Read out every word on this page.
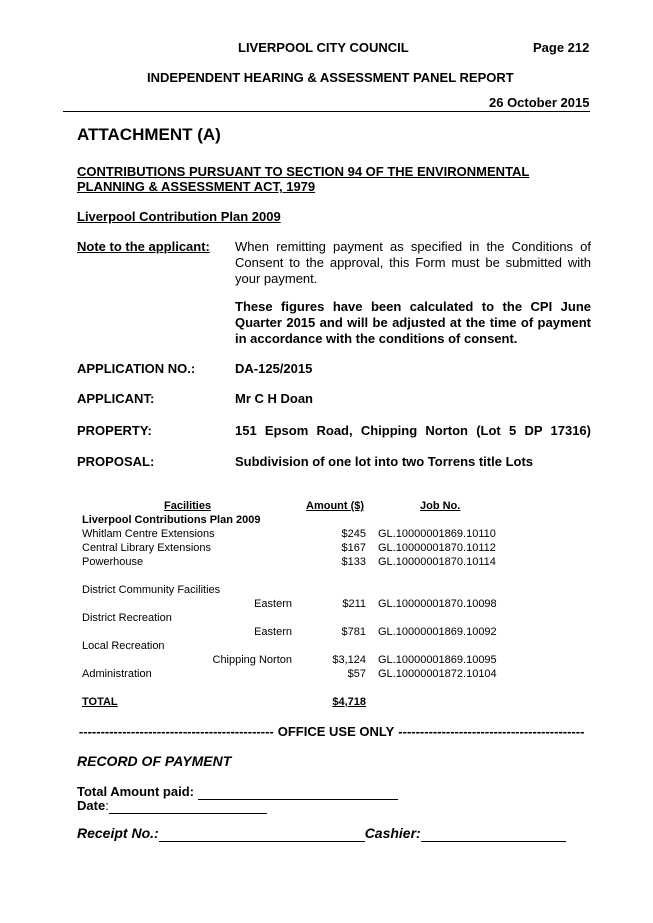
LIVERPOOL CITY COUNCIL	Page 212
INDEPENDENT HEARING & ASSESSMENT PANEL REPORT
26 October 2015
ATTACHMENT (A)
CONTRIBUTIONS PURSUANT TO SECTION 94 OF THE ENVIRONMENTAL
PLANNING & ASSESSMENT ACT, 1979
Liverpool Contribution Plan 2009
Note to the applicant: When remitting payment as specified in the Conditions of Consent to the approval, this Form must be submitted with your payment.
These figures have been calculated to the CPI June Quarter 2015 and will be adjusted at the time of payment in accordance with the conditions of consent.
APPLICATION NO.:	DA-125/2015
APPLICANT:	Mr C H Doan
PROPERTY:	151 Epsom Road, Chipping Norton (Lot 5 DP 17316)
PROPOSAL:	Subdivision of one lot into two Torrens title Lots
Facilities	Amount ($)	Job No.
Liverpool Contributions Plan 2009
Whitlam Centre Extensions	$245 GL.10000001869.10110
Central Library Extensions	$167 GL.10000001870.10112
Powerhouse	$133 GL.10000001870.10114
District Community Facilities
Eastern	$211 GL.10000001870.10098
District Recreation
Eastern	$781 GL.10000001869.10092
Local Recreation
Chipping Norton	$3,124 GL.10000001869.10095
Administration	$57 GL.10000001872.10104
TOTAL	$4,718
--------------------------------------------- OFFICE USE ONLY -------------------------------------------
RECORD OF PAYMENT
Total Amount paid:
Date:
Receipt No.:	Cashier:
